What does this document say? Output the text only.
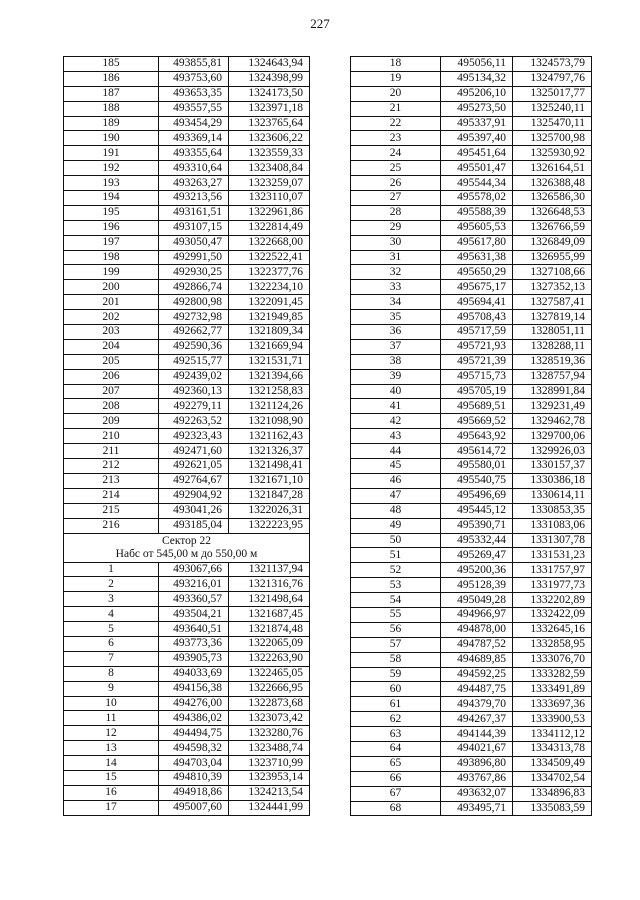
227
185	493855,81	1324643,94
186	493753,60	1324398,99
187	493653,35	1324173,50
188	493557,55	1323971,18
189	493454,29	1323765,64
190	493369,14	1323606,22
191	493355,64	1323559,33
192	493310,64	1323408,84
193	493263,27	1323259,07
194	493213,56	1323110,07
195	493161,51	1322961,86
196	493107,15	1322814,49
197	493050,47	1322668,00
198	492991,50	1322522,41
199	492930,25	1322377,76
200	492866,74	1322234,10
201	492800,98	1322091,45
202	492732,98	1321949,85
203	492662,77	1321809,34
204	492590,36	1321669,94
205	492515,77	1321531,71
206	492439,02	1321394,66
207	492360,13	1321258,83
208	492279,11	1321124,26
209	492263,52	1321098,90
210	492323,43	1321162,43
211	492471,60	1321326,37
212	492621,05	1321498,41
213	492764,67	1321671,10
214	492904,92	1321847,28
215	493041,26	1322026,31
216	493185,04	1322223,95

Сектор 22
Набс от 545,00 м до 550,00 м		

1	493067,66	1321137,94
2	493216,01	1321316,76
3	493360,57	1321498,64
4	493504,21	1321687,45
5	493640,51	1321874,48
6	493773,36	1322065,09
7	493905,73	1322263,90
8	494033,69	1322465,05
9	494156,38	1322666,95
10	494276,00	1322873,68
11	494386,02	1323073,42
12	494494,75	1323280,76
13	494598,32	1323488,74
14	494703,04	1323710,99
15	494810,39	1323953,14
16	494918,86	1324213,54
17	495007,60	1324441,99
18	495056,11	1324573,79
19	495134,32	1324797,76
20	495206,10	1325017,77
21	495273,50	1325240,11
22	495337,91	1325470,11
23	495397,40	1325700,98
24	495451,64	1325930,92
25	495501,47	1326164,51
26	495544,34	1326388,48
27	495578,02	1326586,30
28	495588,39	1326648,53
29	495605,53	1326766,59
30	495617,80	1326849,09
31	495631,38	1326955,99
32	495650,29	1327108,66
33	495675,17	1327352,13
34	495694,41	1327587,41
35	495708,43	1327819,14
36	495717,59	1328051,11
37	495721,93	1328288,11
38	495721,39	1328519,36
39	495715,73	1328757,94
40	495705,19	1328991,84
41	495689,51	1329231,49
42	495669,52	1329462,78
43	495643,92	1329700,06
44	495614,72	1329926,03
45	495580,01	1330157,37
46	495540,75	1330386,18
47	495496,69	1330614,11
48	495445,12	1330853,35
49	495390,71	1331083,06
50	495332,44	1331307,78
51	495269,47	1331531,23
52	495200,36	1331757,97
53	495128,39	1331977,73
54	495049,28	1332202,89
55	494966,97	1332422,09
56	494878,00	1332645,16
57	494787,52	1332858,95
58	494689,85	1333076,70
59	494592,25	1333282,59
60	494487,75	1333491,89
61	494379,70	1333697,36
62	494267,37	1333900,53
63	494144,39	1334112,12
64	494021,67	1334313,78
65	493896,80	1334509,49
66	493767,86	1334702,54
67	493632,07	1334896,83
68	493495,71	1335083,59
